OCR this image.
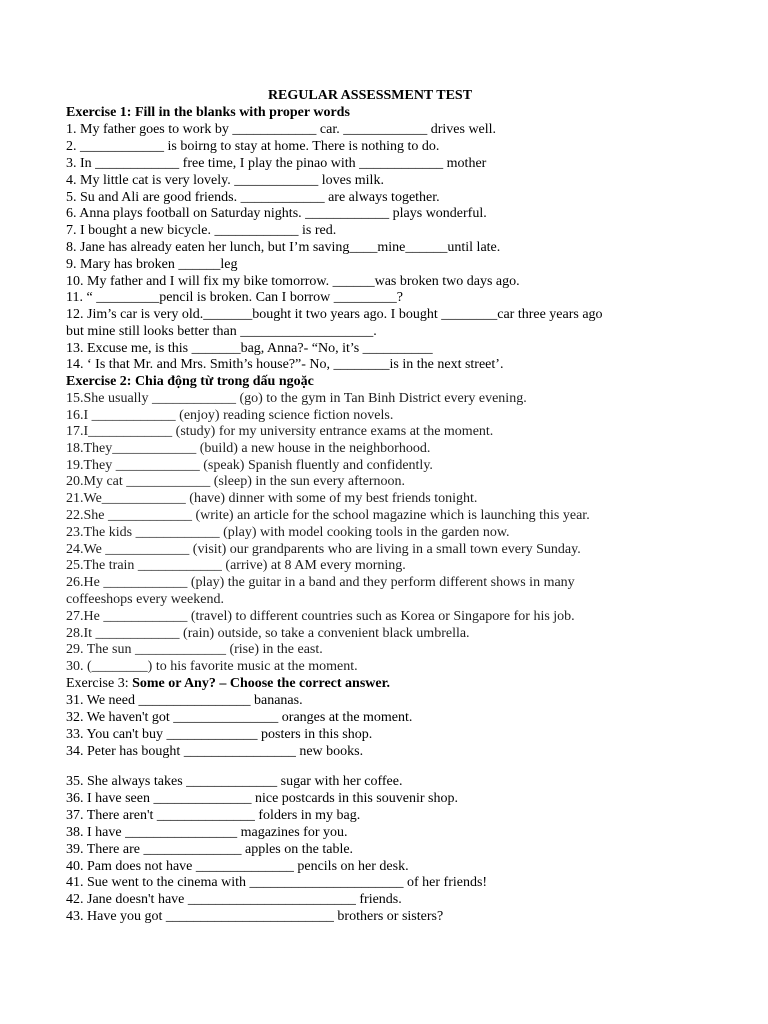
REGULAR ASSESSMENT TEST
Exercise 1: Fill in the blanks with proper words
1. My father goes to work by ____________ car. ____________ drives well.
2. ____________ is boirng to stay at home. There is nothing to do.
3. In ____________ free time, I play the pinao with ____________ mother
4. My little cat is very lovely. ____________ loves milk.
5. Su and Ali are good friends. ____________ are always together.
6. Anna plays football on Saturday nights. ____________ plays wonderful.
7. I bought a new bicycle. ____________ is red.
8. Jane has already eaten her lunch, but I’m saving____mine______until late.
9. Mary has broken ______leg
10. My father and I will fix my bike tomorrow. ______was broken two days ago.
11. “ _________pencil is broken. Can I borrow _________?
12. Jim’s car is very old._______bought it two years ago. I bought ________car three years ago
but mine still looks better than ___________________.
13. Excuse me, is this _______bag, Anna?- “No, it’s __________
14. ‘ Is that Mr. and Mrs. Smith’s house?”- No, ________is in the next street’.
Exercise 2: Chia động từ trong dấu ngoặc
15.She usually ____________ (go) to the gym in Tan Binh District every evening.
16.I ____________ (enjoy) reading science fiction novels.
17.I____________ (study) for my university entrance exams at the moment.
18.They____________ (build) a new house in the neighborhood.
19.They ____________ (speak) Spanish fluently and confidently.
20.My cat ____________ (sleep) in the sun every afternoon.
21.We____________ (have) dinner with some of my best friends tonight.
22.She ____________ (write) an article for the school magazine which is launching this year.
23.The kids ____________ (play) with model cooking tools in the garden now.
24.We ____________ (visit) our grandparents who are living in a small town every Sunday.
25.The train ____________ (arrive) at 8 AM every morning.
26.He ____________ (play) the guitar in a band and they perform different shows in many
coffeeshops every weekend.
27.He ____________ (travel) to different countries such as Korea or Singapore for his job.
28.It ____________ (rain) outside, so take a convenient black umbrella.
29. The sun _____________ (rise) in the east.
30. (________) to his favorite music at the moment.
Exercise 3: Some or Any? – Choose the correct answer.
31. We need ________________ bananas.
32. We haven't got _______________ oranges at the moment.
33. You can't buy _____________ posters in this shop.
34. Peter has bought ________________ new books.
35. She always takes _____________ sugar with her coffee.
36. I have seen ______________ nice postcards in this souvenir shop.
37. There aren't ______________ folders in my bag.
38. I have ________________ magazines for you.
39. There are ______________ apples on the table.
40. Pam does not have ______________ pencils on her desk.
41. Sue went to the cinema with ______________________ of her friends!
42. Jane doesn't have ________________________ friends.
43. Have you got ________________________ brothers or sisters?
